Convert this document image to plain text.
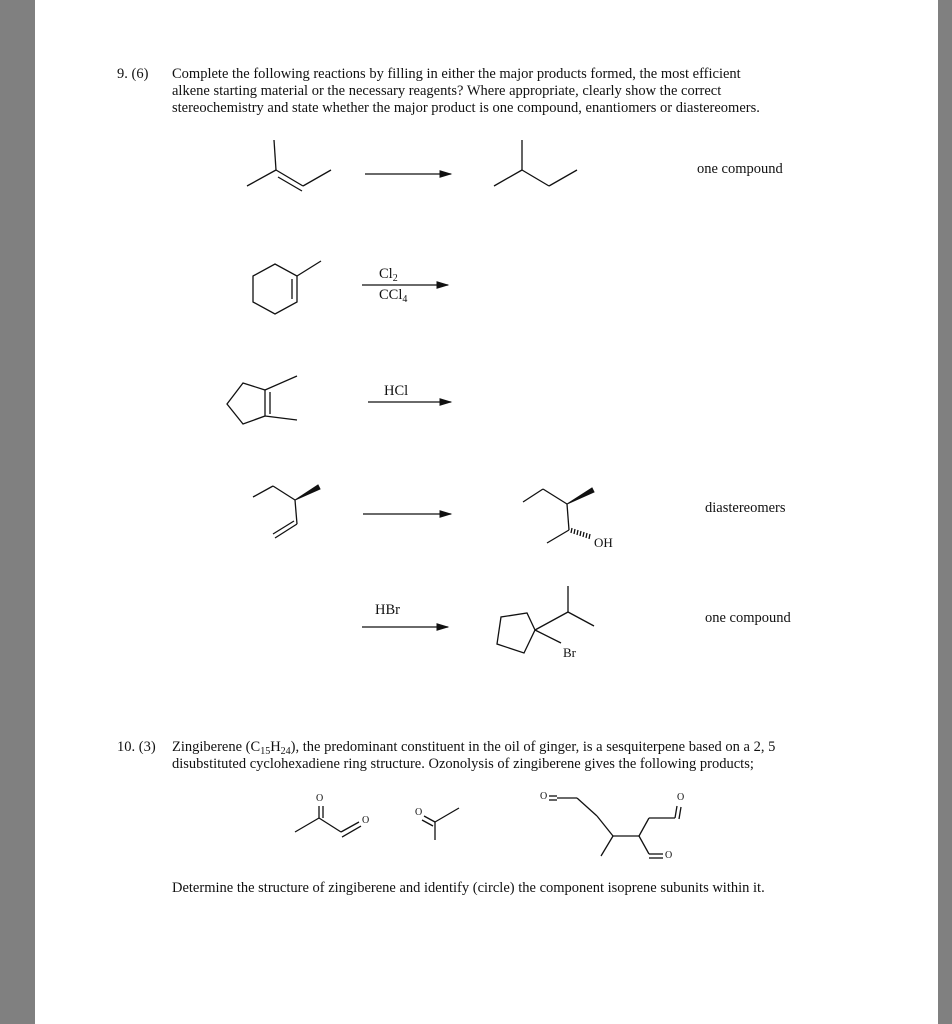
9. (6) Complete the following reactions by filling in either the major products formed, the most efficient
alkene starting material or the necessary reagents? Where appropriate, clearly show the correct
stereochemistry and state whether the major product is one compound, enantiomers or diastereomers.
one compound
$Cl_2$
CCl$_4$
HCl
diastereomers
OH
HBr	one compound
Br
10. (3) Zingiberene $(C_{15}H_{24})$, the predominant constituent in the oil of ginger, is a sesquiterpene based on a 2, 5
disubstituted cyclohexadiene ring structure. Ozonolysis of zingiberene gives the following products;
O
O
O
O	O
O
Determine the structure of zingiberene and identify (circle) the component isoprene subunits within it.
